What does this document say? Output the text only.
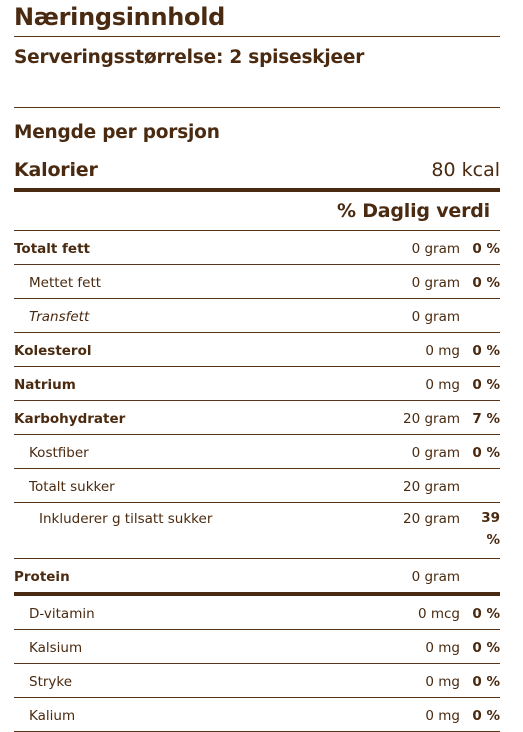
Næringsinnhold
Serveringsstørrelse: 2 spiseskjeer
Mengde per porsjon
Kalorier	80 kcal
% Daglig verdi
Totalt fett	0 gram 0 %
Mettet fett	0 gram 0 %
Transfett	0 gram
Kolesterol	0 mg 0 %
Natrium	0 mg 0 %
Karbohydrater	20 gram 7 %
Kostfiber	0 gram 0 %
Totalt sukker	20 gram
Inkluderer g tilsatt sukker	20 gram	39 %
Protein	0 gram
D-vitamin	0 mcg 0 %
Kalsium	0 mg 0 %
Stryke	0 mg 0 %
Kalium	0 mg 0 %
